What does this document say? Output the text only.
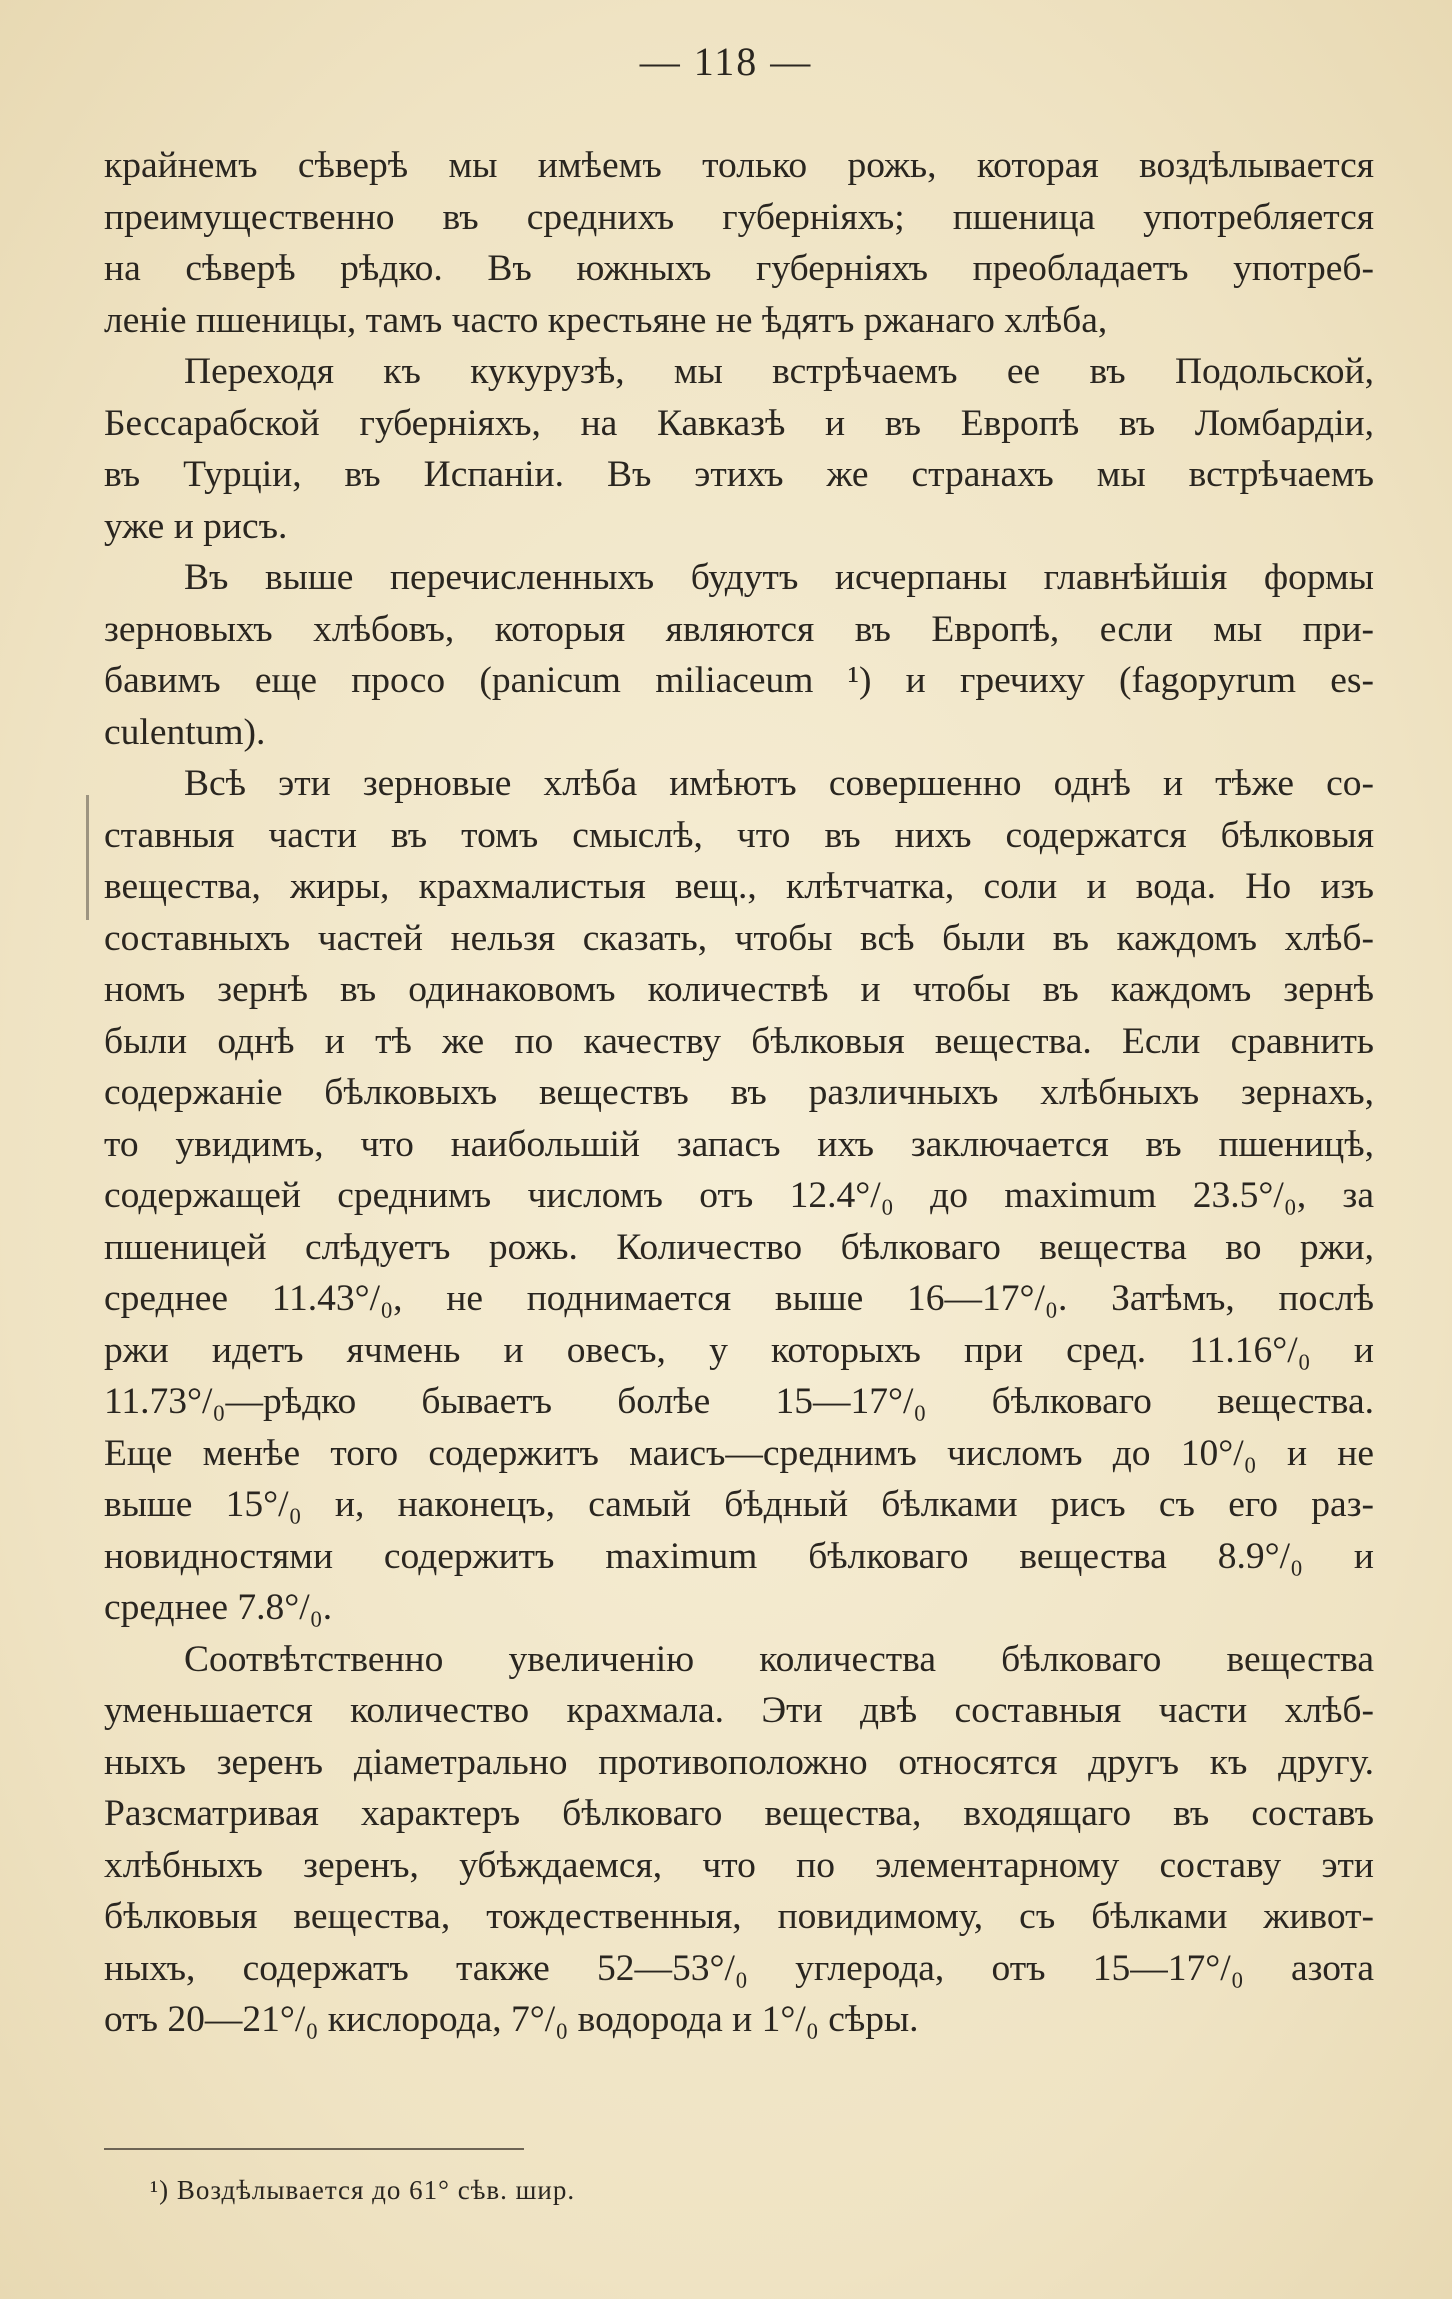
— 118 —
крайнемъ сѣверѣ мы имѣемъ только рожь, которая воздѣлывается
преимущественно въ среднихъ губерніяхъ; пшеница употребляется
на сѣверѣ рѣдко. Въ южныхъ губерніяхъ преобладаетъ употреб-
леніе пшеницы, тамъ часто крестьяне не ѣдятъ ржанаго хлѣба,
Переходя къ кукурузѣ, мы встрѣчаемъ ее въ Подольской,
Бессарабской губерніяхъ, на Кавказѣ и въ Европѣ въ Ломбардіи,
въ Турціи, въ Испаніи. Въ этихъ же странахъ мы встрѣчаемъ
уже и рисъ.
Въ выше перечисленныхъ будутъ исчерпаны главнѣйшія формы
зерновыхъ хлѣбовъ, которыя являются въ Европѣ, если мы при-
бавимъ еще просо (panicum miliaceum ¹) и гречиху (fagopyrum es-
culentum).
Всѣ эти зерновые хлѣба имѣютъ совершенно однѣ и тѣже со-
ставныя части въ томъ смыслѣ, что въ нихъ содержатся бѣлковыя
вещества, жиры, крахмалистыя вещ., клѣтчатка, соли и вода. Но изъ
составныхъ частей нельзя сказать, чтобы всѣ были въ каждомъ хлѣб-
номъ зернѣ въ одинаковомъ количествѣ и чтобы въ каждомъ зернѣ
были однѣ и тѣ же по качеству бѣлковыя вещества. Если сравнить
содержаніе бѣлковыхъ веществъ въ различныхъ хлѣбныхъ зернахъ,
то увидимъ, что наибольшій запасъ ихъ заключается въ пшеницѣ,
содержащей среднимъ числомъ отъ 12.4°/₀ до maximum 23.5°/₀, за
пшеницей слѣдуетъ рожь. Количество бѣлковаго вещества во ржи,
среднее 11.43°/₀, не поднимается выше 16—17°/₀. Затѣмъ, послѣ
ржи идетъ ячмень и овесъ, у которыхъ при сред. 11.16°/₀ и
11.73°/₀—рѣдко бываетъ болѣе 15—17°/₀ бѣлковаго вещества.
Еще менѣе того содержитъ маисъ—среднимъ числомъ до 10°/₀ и не
выше 15°/₀ и, наконецъ, самый бѣдный бѣлками рисъ съ его раз-
новидностями содержитъ maximum бѣлковаго вещества 8.9°/₀ и
среднее 7.8°/₀.
Соотвѣтственно увеличенію количества бѣлковаго вещества
уменьшается количество крахмала. Эти двѣ составныя части хлѣб-
ныхъ зеренъ діаметрально противоположно относятся другъ къ другу.
Разсматривая характеръ бѣлковаго вещества, входящаго въ составъ
хлѣбныхъ зеренъ, убѣждаемся, что по элементарному составу эти
бѣлковыя вещества, тождественныя, повидимому, съ бѣлками живот-
ныхъ, содержатъ также 52—53°/₀ углерода, отъ 15—17°/₀ азота
отъ 20—21°/₀ кислорода, 7°/₀ водорода и 1°/₀ сѣры.
¹) Воздѣлывается до 61° сѣв. шир.
